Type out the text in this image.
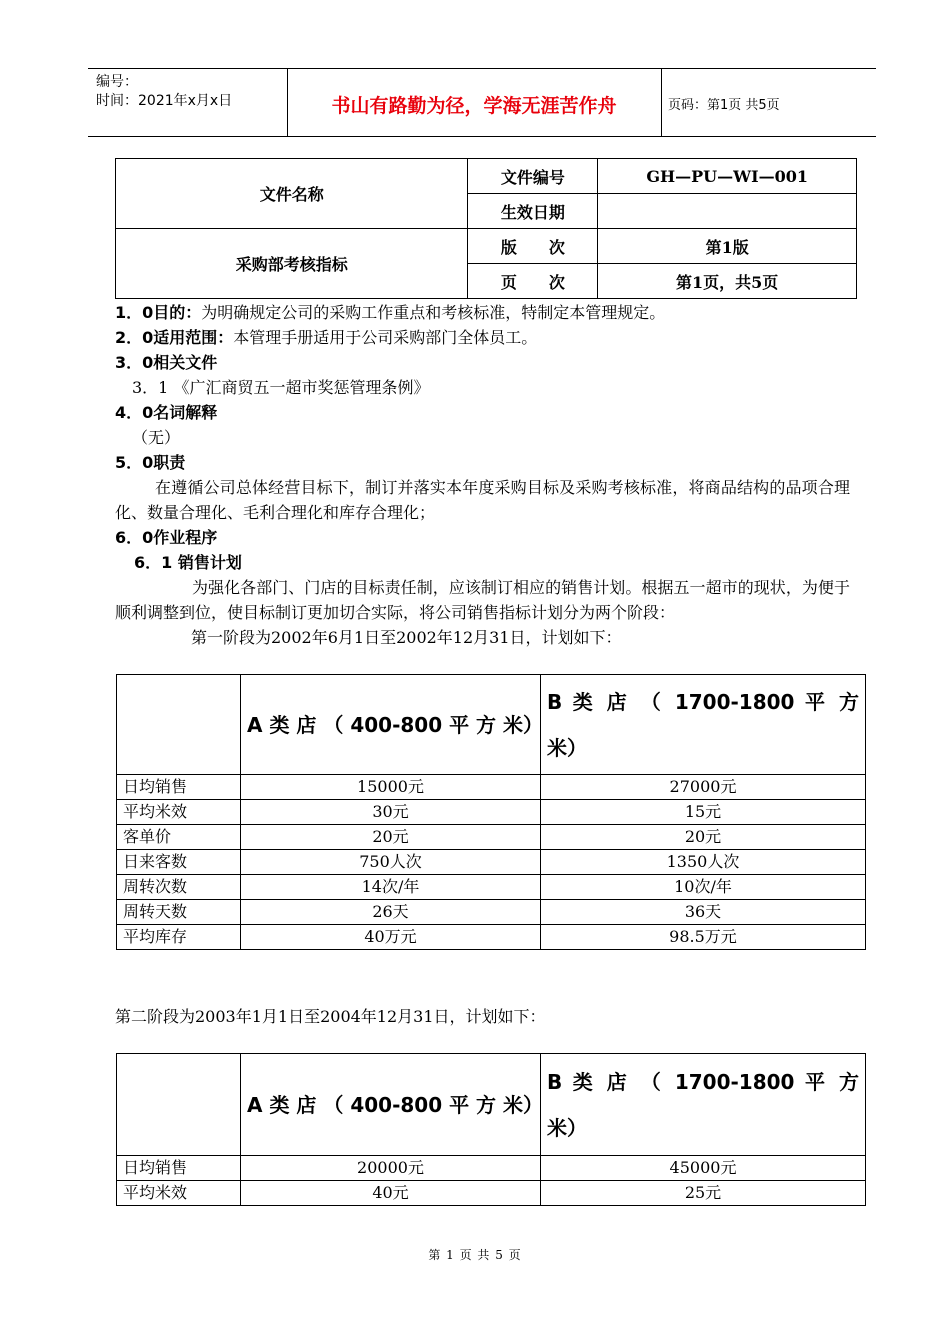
编号：
时间：2021年x月x日	书山有路勤为径，学海无涯苦作舟	页码：第1页 共5页
文件名称	文件编号	GH—PU—WI—001
	生效日期	
采购部考核指标	版　　次	第1版
	页　　次	第1页，共5页
1．0目的：为明确规定公司的采购工作重点和考核标准，特制定本管理规定。
2．0适用范围：本管理手册适用于公司采购部门全体员工。
3．0相关文件
3．1 《广汇商贸五一超市奖惩管理条例》
4．0名词解释
（无）
5．0职责
在遵循公司总体经营目标下，制订并落实本年度采购目标及采购考核标准，将商品结构的品项合理化、数量合理化、毛利合理化和库存合理化；
6．0作业程序
6．1 销售计划
为强化各部门、门店的目标责任制，应该制订相应的销售计划。根据五一超市的现状，为便于顺利调整到位，使目标制订更加切合实际，将公司销售指标计划分为两个阶段：
第一阶段为2002年6月1日至2002年12月31日，计划如下：
	A 类 店 （ 400-800 平 方 米）	B 类 店 （ 1700-1800 平 方 米）
日均销售	15000元	27000元
平均米效	30元	15元
客单价	20元	20元
日来客数	750人次	1350人次
周转次数	14次/年	10次/年
周转天数	26天	36天
平均库存	40万元	98.5万元
第二阶段为2003年1月1日至2004年12月31日，计划如下：
	A 类 店 （ 400-800 平 方 米）	B 类 店 （ 1700-1800 平 方 米）
日均销售	20000元	45000元
平均米效	40元	25元
第 1 页 共 5 页
